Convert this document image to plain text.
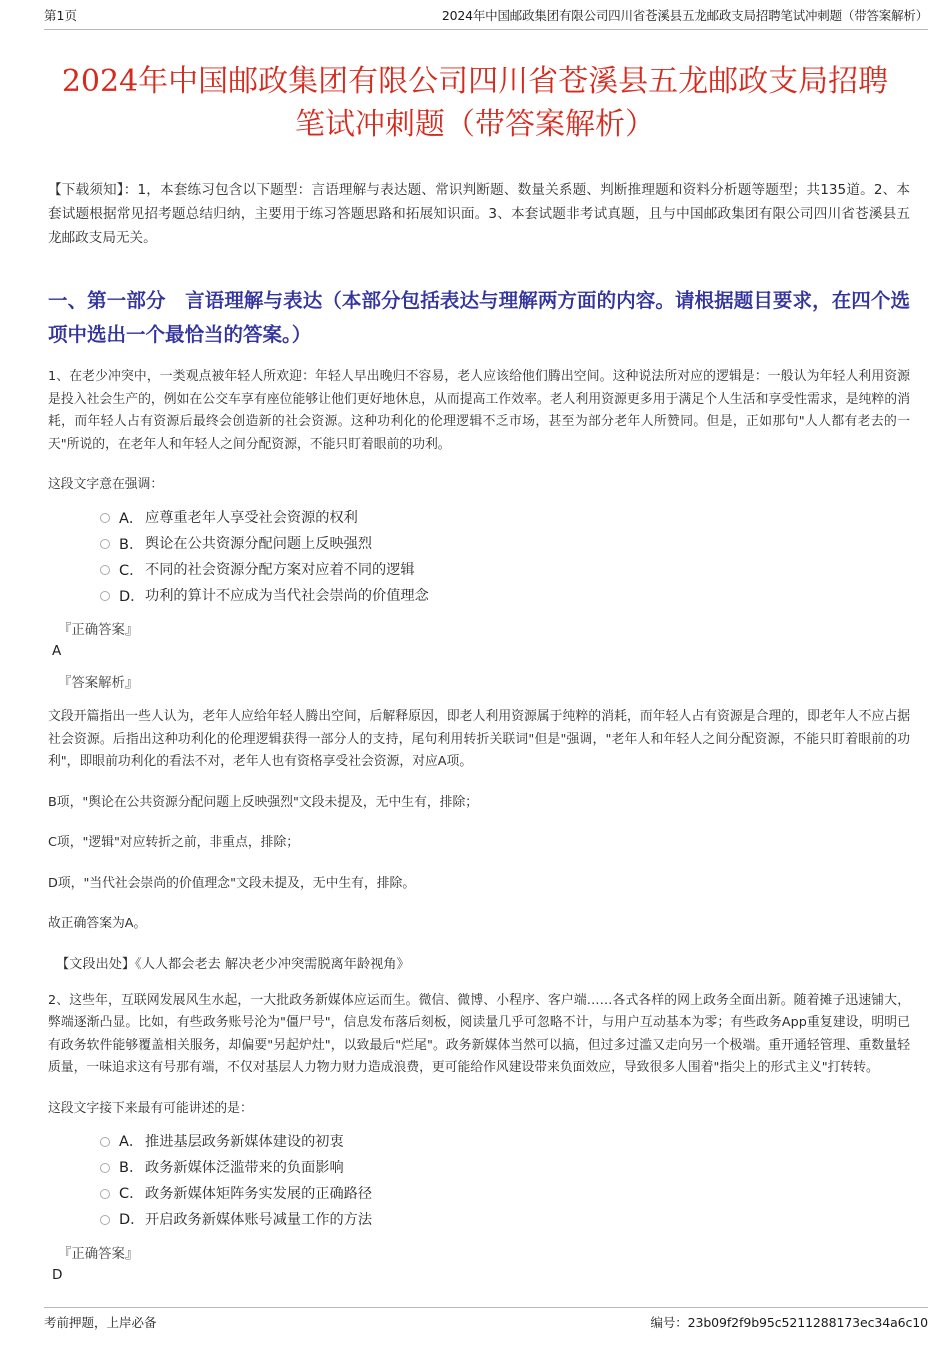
第1页	2024年中国邮政集团有限公司四川省苍溪县五龙邮政支局招聘笔试冲刺题（带答案解析）
2024年中国邮政集团有限公司四川省苍溪县五龙邮政支局招聘
笔试冲刺题（带答案解析）

【下载须知】：1，本套练习包含以下题型：言语理解与表达题、常识判断题、数量关系题、判断推理题和资料分析题等题型；共135道。2、本套试题根据常见招考题总结归纳，主要用于练习答题思路和拓展知识面。3、本套试题非考试真题，且与中国邮政集团有限公司四川省苍溪县五龙邮政支局无关。

一、第一部分　言语理解与表达（本部分包括表达与理解两方面的内容。请根据题目要求，在四个选项中选出一个最恰当的答案。）

1、在老少冲突中，一类观点被年轻人所欢迎：年轻人早出晚归不容易，老人应该给他们腾出空间。这种说法所对应的逻辑是：一般认为年轻人利用资源是投入社会生产的，例如在公交车享有座位能够让他们更好地休息，从而提高工作效率。老人利用资源更多用于满足个人生活和享受性需求，是纯粹的消耗，而年轻人占有资源后最终会创造新的社会资源。这种功利化的伦理逻辑不乏市场，甚至为部分老年人所赞同。但是，正如那句"人人都有老去的一天"所说的，在老年人和年轻人之间分配资源，不能只盯着眼前的功利。

这段文字意在强调：

A． 应尊重老年人享受社会资源的权利
B． 舆论在公共资源分配问题上反映强烈
C． 不同的社会资源分配方案对应着不同的逻辑
D． 功利的算计不应成为当代社会崇尚的价值理念
『正确答案』
A
『答案解析』

文段开篇指出一些人认为，老年人应给年轻人腾出空间，后解释原因，即老人利用资源属于纯粹的消耗，而年轻人占有资源是合理的，即老年人不应占据社会资源。后指出这种功利化的伦理逻辑获得一部分人的支持，尾句利用转折关联词"但是"强调，"老年人和年轻人之间分配资源，不能只盯着眼前的功利"，即眼前功利化的看法不对，老年人也有资格享受社会资源，对应A项。

B项，"舆论在公共资源分配问题上反映强烈"文段未提及，无中生有，排除；

C项，"逻辑"对应转折之前，非重点，排除；

D项，"当代社会崇尚的价值理念"文段未提及，无中生有，排除。

故正确答案为A。

【文段出处】《人人都会老去 解决老少冲突需脱离年龄视角》

2、这些年，互联网发展风生水起，一大批政务新媒体应运而生。微信、微博、小程序、客户端……各式各样的网上政务全面出新。随着摊子迅速铺大，弊端逐渐凸显。比如，有些政务账号沦为"僵尸号"，信息发布落后刻板，阅读量几乎可忽略不计，与用户互动基本为零；有些政务App重复建设，明明已有政务软件能够覆盖相关服务，却偏要"另起炉灶"，以致最后"烂尾"。政务新媒体当然可以搞，但过多过滥又走向另一个极端。重开通轻管理、重数量轻质量，一味追求这有号那有端，不仅对基层人力物力财力造成浪费，更可能给作风建设带来负面效应，导致很多人围着"指尖上的形式主义"打转转。

这段文字接下来最有可能讲述的是：

A． 推进基层政务新媒体建设的初衷
B． 政务新媒体泛滥带来的负面影响
C． 政务新媒体矩阵务实发展的正确路径
D． 开启政务新媒体账号减量工作的方法
『正确答案』
D
考前押题，上岸必备	编号：23b09f2f9b95c5211288173ec34a6c10
